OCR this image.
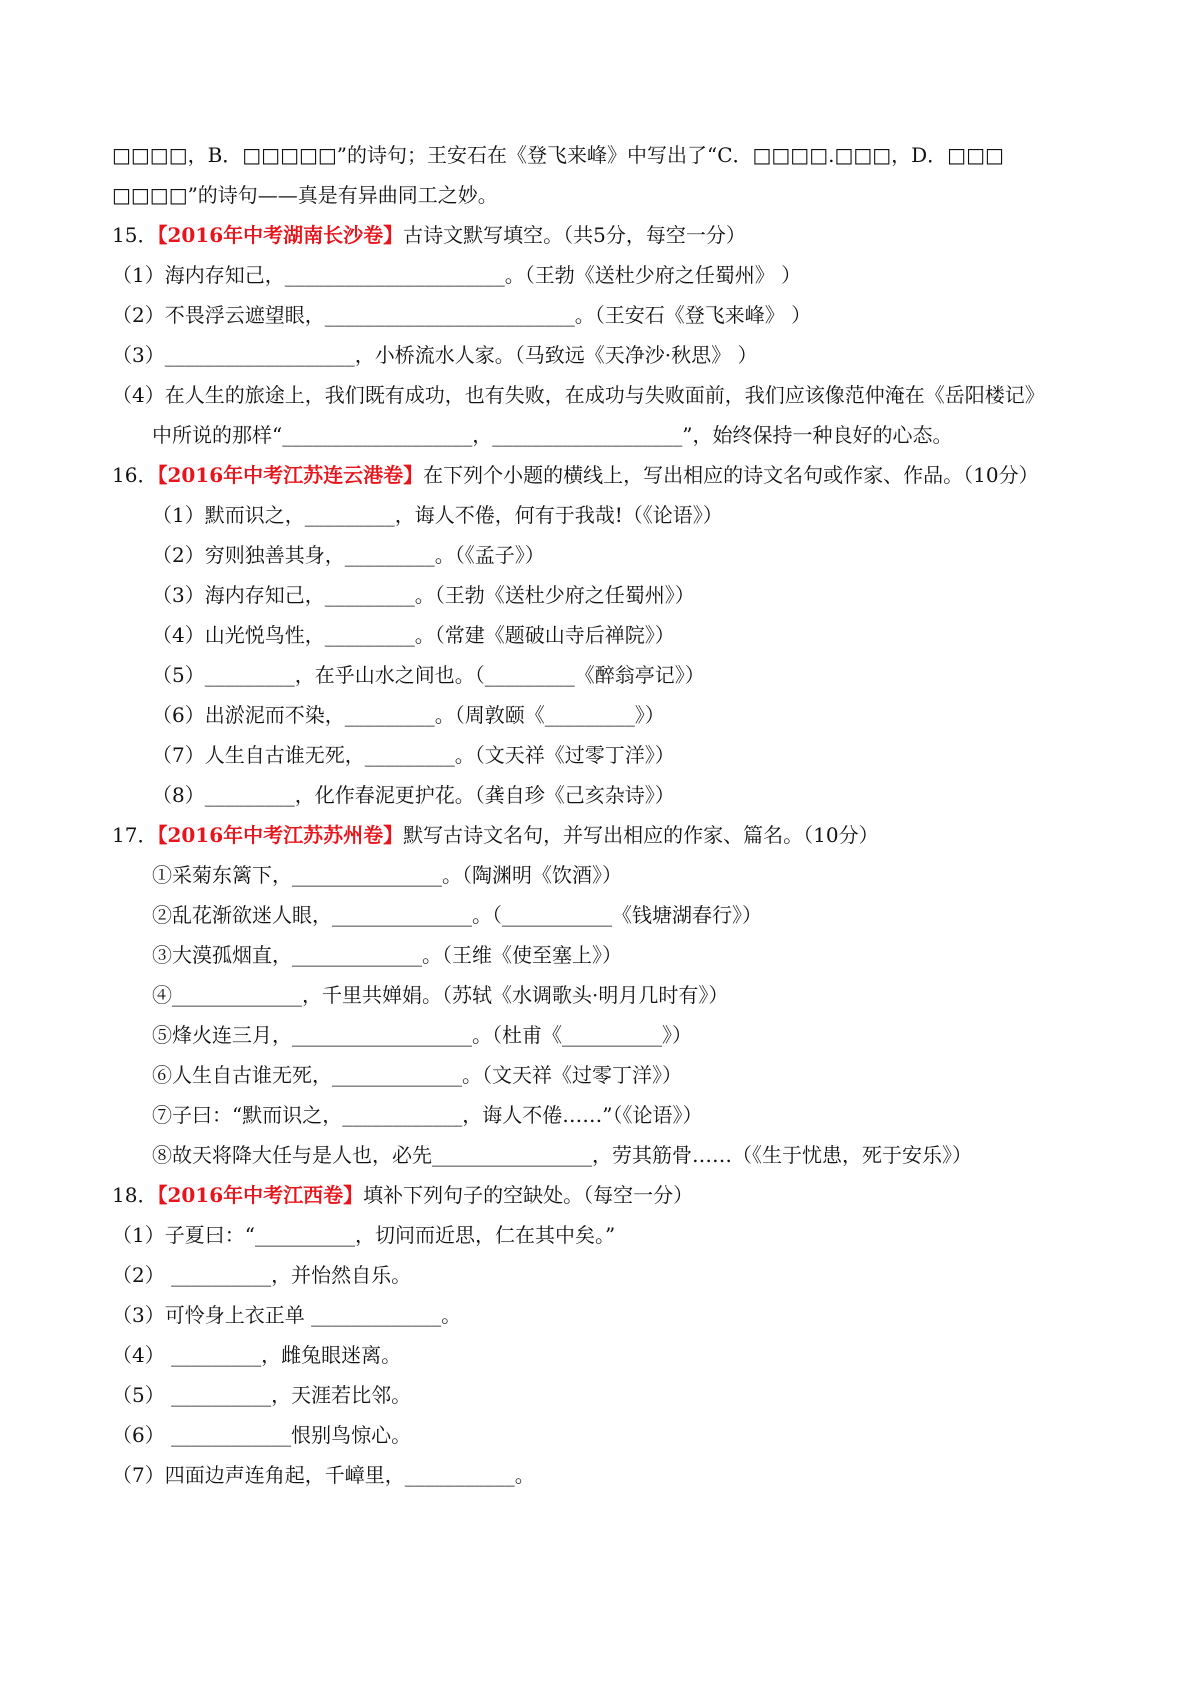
□□□□，B．□□□□□”的诗句；王安石在《登飞来峰》中写出了“C．□□□□.□□□，D．□□□
□□□□”的诗句——真是有异曲同工之妙。
15．【2016年中考湖南长沙卷】古诗文默写填空。（共5分，每空一分）
（1）海内存知己，______________________。（王勃《送杜少府之任蜀州》 ）
（2）不畏浮云遮望眼，_________________________。（王安石《登飞来峰》 ）
（3）___________________，小桥流水人家。（马致远《天净沙·秋思》 ）
（4）在人生的旅途上，我们既有成功，也有失败，在成功与失败面前，我们应该像范仲淹在《岳阳楼记》
中所说的那样“___________________，___________________”，始终保持一种良好的心态。
16．【2016年中考江苏连云港卷】在下列个小题的横线上，写出相应的诗文名句或作家、作品。（10分）
（1）默而识之，_________，诲人不倦，何有于我哉!（《论语》）
（2）穷则独善其身，_________。（《孟子》）
（3）海内存知己，_________。（王勃《送杜少府之任蜀州》）
（4）山光悦鸟性，_________。（常建《题破山寺后禅院》）
（5）_________，在乎山水之间也。（_________《醉翁亭记》）
（6）出淤泥而不染，_________。（周敦颐《_________》）
（7）人生自古谁无死，_________。（文天祥《过零丁洋》）
（8）_________，化作春泥更护花。（龚自珍《己亥杂诗》）
17．【2016年中考江苏苏州卷】默写古诗文名句，并写出相应的作家、篇名。（10分）
①采菊东篱下，_______________。（陶渊明《饮酒》）
②乱花渐欲迷人眼，______________。（___________《钱塘湖春行》）
③大漠孤烟直，_____________。（王维《使至塞上》）
④_____________，千里共婵娟。（苏轼《水调歌头·明月几时有》）
⑤烽火连三月，__________________。（杜甫《__________》）
⑥人生自古谁无死，_____________。（文天祥《过零丁洋》）
⑦子曰：“默而识之，____________，诲人不倦……”（《论语》）
⑧故天将降大任与是人也，必先________________，劳其筋骨……（《生于忧患，死于安乐》）
18．【2016年中考江西卷】填补下列句子的空缺处。（每空一分）
（1）子夏曰：“__________，切问而近思，仁在其中矣。”
（2） __________，并怡然自乐。
（3）可怜身上衣正单 _____________。
（4） _________，雌兔眼迷离。
（5） __________，天涯若比邻。
（6） ____________恨别鸟惊心。
（7）四面边声连角起，千嶂里，___________。
